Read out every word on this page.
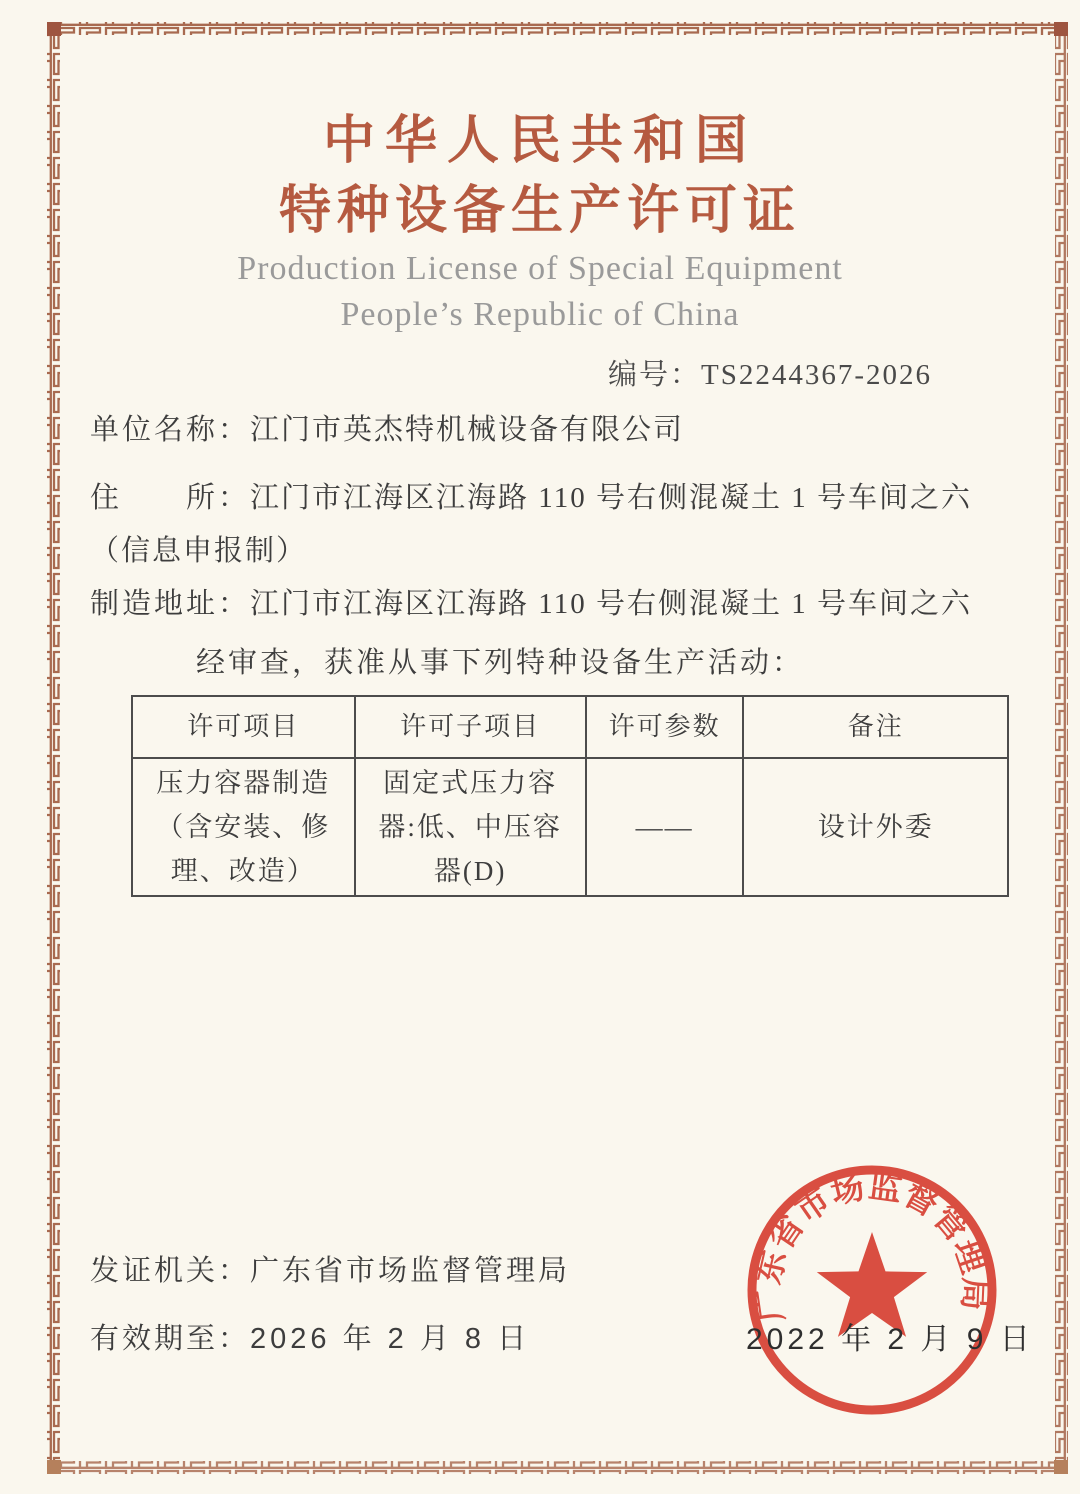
中华人民共和国
特种设备生产许可证
Production License of Special Equipment
People’s Republic of China
编号：TS2244367-2026
单位名称：江门市英杰特机械设备有限公司
住　　所：江门市江海区江海路 110 号右侧混凝土 1 号车间之六（信息申报制）
制造地址：江门市江海区江海路 110 号右侧混凝土 1 号车间之六
经审查，获准从事下列特种设备生产活动：
许可项目	许可子项目	许可参数	备注
压力容器制造（含安装、修理、改造）	固定式压力容器:低、中压容器(D)	——	设计外委
发证机关：广东省市场监督管理局
有效期至：2026 年 2 月 8 日	2022 年 2 月 9 日
广东省市场监督管理局
